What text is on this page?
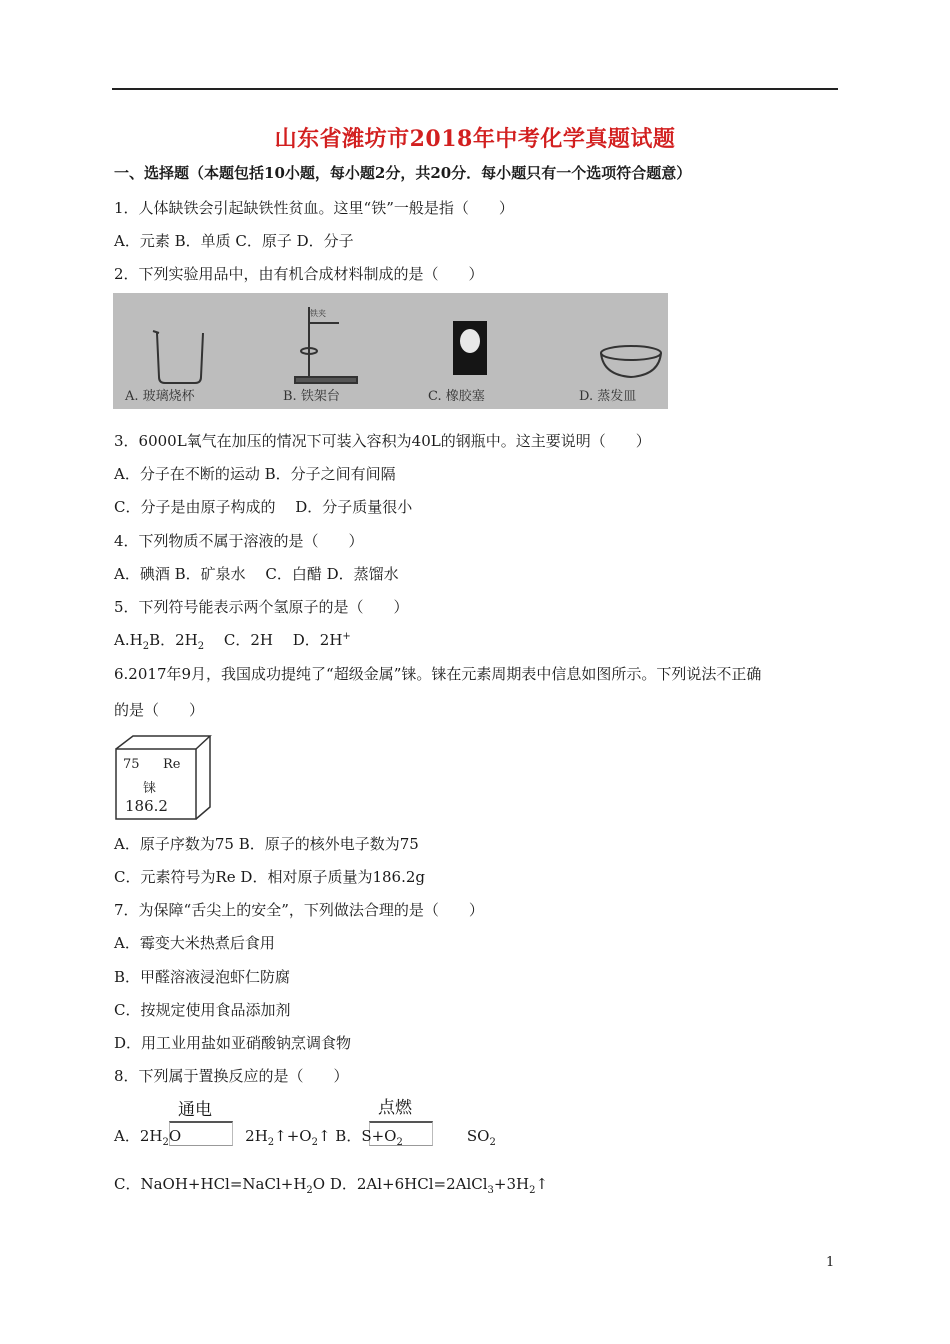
山东省潍坊市2018年中考化学真题试题
一、选择题（本题包括10小题，每小题2分，共20分．每小题只有一个选项符合题意）
1．人体缺铁会引起缺铁性贫血。这里“铁”一般是指（　　）
A．元素 B．单质 C．原子 D．分子
2．下列实验用品中，由有机合成材料制成的是（　　）
铁夹
A. 玻璃烧杯	B. 铁架台	C. 橡胶塞	D. 蒸发皿
3．6000L氧气在加压的情况下可装入容积为40L的钢瓶中。这主要说明（　　）
A．分子在不断的运动 B．分子之间有间隔
C．分子是由原子构成的　 D．分子质量很小
4．下列物质不属于溶液的是（　　）
A．碘酒 B．矿泉水　 C．白醋 D．蒸馏水
5．下列符号能表示两个氢原子的是（　　）
$A.H_2B$．$2H_2$　 C．2H　 D．2H+
6.2017年9月，我国成功提纯了“超级金属”铼。铼在元素周期表中信息如图所示。下列说法不正确
的是（　　）
75 Re
铼
186.2
A．原子序数为75 B．原子的核外电子数为75
C．元素符号为Re D．相对原子质量为186.2g
7．为保障“舌尖上的安全”，下列做法合理的是（　　）
A．霉变大米热煮后食用
B．甲醛溶液浸泡虾仁防腐
C．按规定使用食品添加剂
D．用工业用盐如亚硝酸钠烹调食物
8．下列属于置换反应的是（　　）
通电	点燃
A．$2H_2O$	$2H_2↑+O_2↑$ B．$S+O_2$	$SO_2$
C．$NaOH+HCl=NaCl+H_2O$ D．$2Al+6HCl=2AlCl_3+3H_2↑$
1
